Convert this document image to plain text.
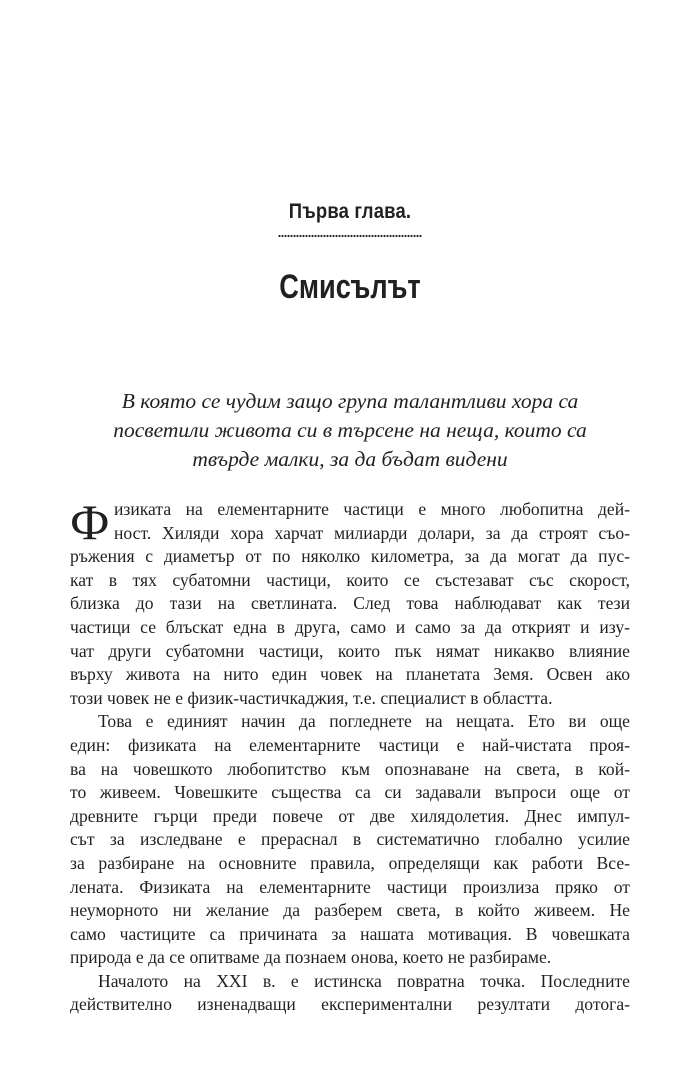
Първа глава.
Смисълът
В която се чудим защо група талантливи хора са
посветили живота си в търсене на неща, които са
твърде малки, за да бъдат видени
Ф изиката на елементарните частици е много любопитна дей-
ност. Хиляди хора харчат милиарди долари, за да строят съо-
ръжения с диаметър от по няколко километра, за да могат да пус-
кат в тях субатомни частици, които се състезават със скорост,
близка до тази на светлината. След това наблюдават как тези
частици се блъскат една в друга, само и само за да открият и изу-
чат други субатомни частици, които пък нямат никакво влияние
върху живота на нито един човек на планетата Земя. Освен ако
този човек не е физик-частичкаджия, т.е. специалист в областта.
Това е единият начин да погледнете на нещата. Ето ви още
един: физиката на елементарните частици е най-чистата проя-
ва на човешкото любопитство към опознаване на света, в кой-
то живеем. Човешките същества са си задавали въпроси още от
древните гърци преди повече от две хилядолетия. Днес импул-
сът за изследване е прераснал в систематично глобално усилие
за разбиране на основните правила, определящи как работи Все-
лената. Физиката на елементарните частици произлиза пряко от
неуморното ни желание да разберем света, в който живеем. Не
само частиците са причината за нашата мотивация. В човешката
природа е да се опитваме да познаем онова, което не разбираме.
Началото на XXI в. е истинска повратна точка. Последните
действително изненадващи експериментални резултати дотога-
